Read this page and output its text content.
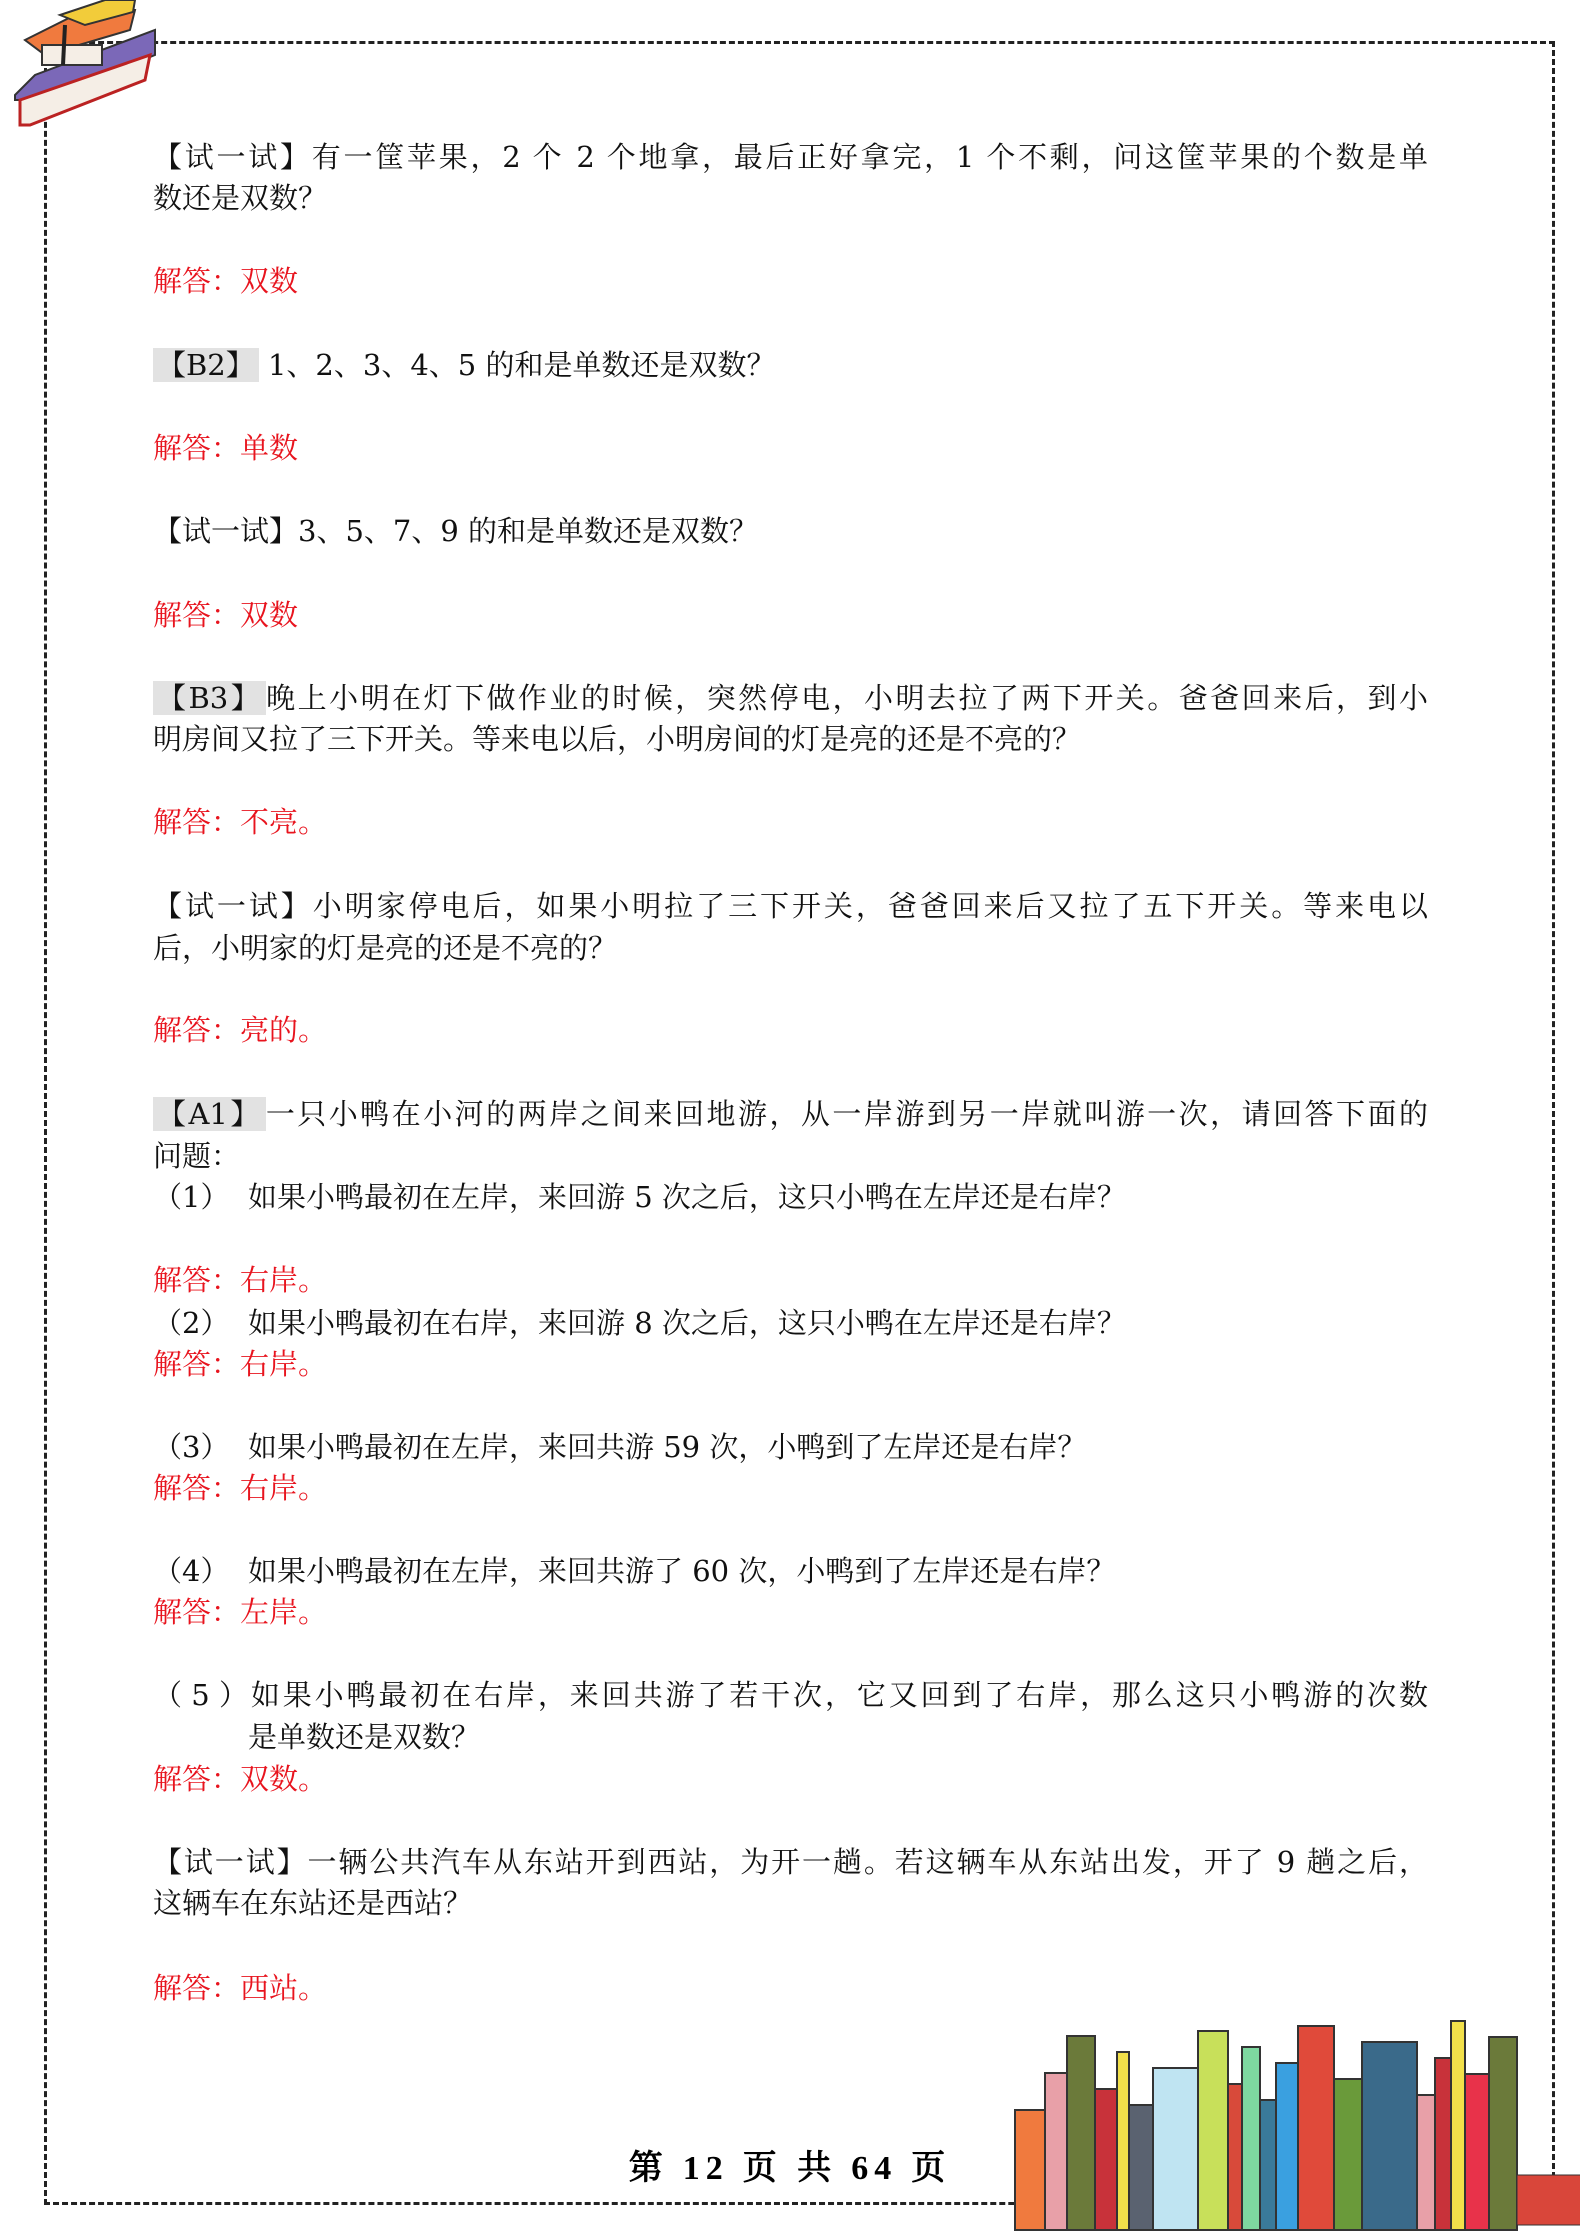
【试一试】有一筐苹果，2 个 2 个地拿，最后正好拿完，1 个不剩，问这筐苹果的个数是单
数还是双数？
解答：双数
【B2】 1、2、3、4、5 的和是单数还是双数？
解答：单数
【试一试】3、5、7、9 的和是单数还是双数？
解答：双数
【B3】 晚上小明在灯下做作业的时候，突然停电，小明去拉了两下开关。爸爸回来后，到小
明房间又拉了三下开关。等来电以后，小明房间的灯是亮的还是不亮的？
解答：不亮。
【试一试】小明家停电后，如果小明拉了三下开关，爸爸回来后又拉了五下开关。等来电以
后，小明家的灯是亮的还是不亮的？
解答：亮的。
【A1】 一只小鸭在小河的两岸之间来回地游，从一岸游到另一岸就叫游一次，请回答下面的
问题：
（1） 如果小鸭最初在左岸，来回游 5 次之后，这只小鸭在左岸还是右岸？
解答：右岸。
（2） 如果小鸭最初在右岸，来回游 8 次之后，这只小鸭在左岸还是右岸？
解答：右岸。
（3） 如果小鸭最初在左岸，来回共游 59 次，小鸭到了左岸还是右岸？
解答：右岸。
（4） 如果小鸭最初在左岸，来回共游了 60 次，小鸭到了左岸还是右岸？
解答：左岸。
（5）如果小鸭最初在右岸，来回共游了若干次，它又回到了右岸，那么这只小鸭游的次数
是单数还是双数？
解答：双数。
【试一试】一辆公共汽车从东站开到西站，为开一趟。若这辆车从东站出发，开了 9 趟之后，
这辆车在东站还是西站？
解答：西站。
第 12 页 共 64 页
